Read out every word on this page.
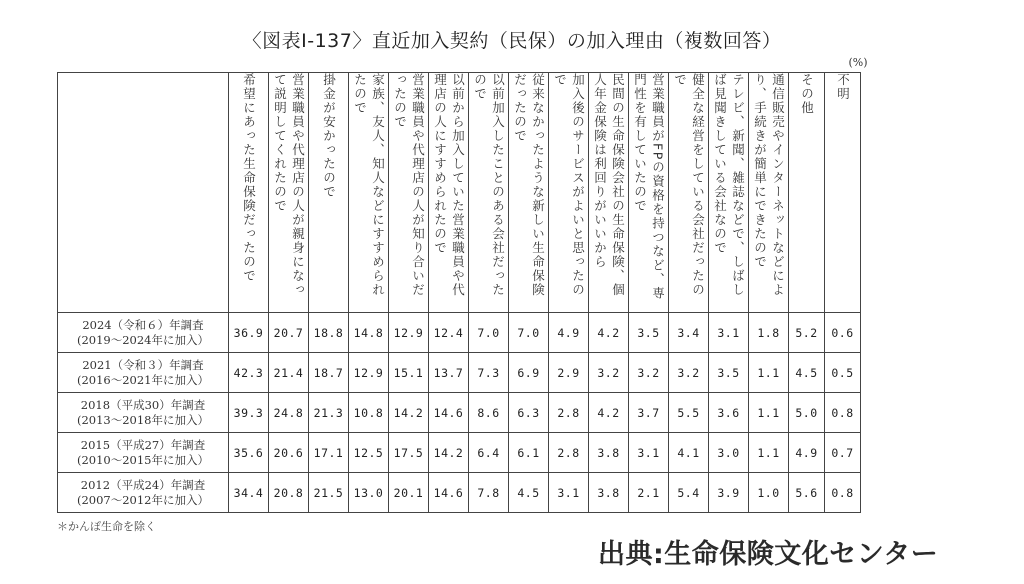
〈図表Ⅰ-137〉直近加入契約（民保）の加入理由（複数回答）
(%)

	希望にあった生命保険だったので	営業職員や代理店の人が親身になって説明してくれたので	掛金が安かったので	家族、友人、知人などにすすめられたので	営業職員や代理店の人が知り合いだったので	以前から加入していた営業職員や代理店の人にすすめられたので	以前加入したことのある会社だったので	従来なかったような新しい生命保険だったので	加入後のサービスがよいと思ったので	民間の生命保険会社の生命保険、個人年金保険は利回りがいいから	営業職員がFPの資格を持つなど、専門性を有していたので	健全な経営をしている会社だったので	テレビ、新聞、雑誌などで、しばしば見聞きしている会社なので	通信販売やインターネットなどにより、手続きが簡単にできたので	その他	不明

2024（令和６）年調査
(2019～2024年に加入）	36.9	20.7	18.8	14.8	12.9	12.4	7.0	7.0	4.9	4.2	3.5	3.4	3.1	1.8	5.2	0.6

2021（令和３）年調査
(2016～2021年に加入）	42.3	21.4	18.7	12.9	15.1	13.7	7.3	6.9	2.9	3.2	3.2	3.2	3.5	1.1	4.5	0.5

2018（平成30）年調査
(2013～2018年に加入）	39.3	24.8	21.3	10.8	14.2	14.6	8.6	6.3	2.8	4.2	3.7	5.5	3.6	1.1	5.0	0.8

2015（平成27）年調査
(2010～2015年に加入）	35.6	20.6	17.1	12.5	17.5	14.2	6.4	6.1	2.8	3.8	3.1	4.1	3.0	1.1	4.9	0.7

2012（平成24）年調査
(2007～2012年に加入）	34.4	20.8	21.5	13.0	20.1	14.6	7.8	4.5	3.1	3.8	2.1	5.4	3.9	1.0	5.6	0.8
＊かんぽ生命を除く
出典:生命保険文化センター
